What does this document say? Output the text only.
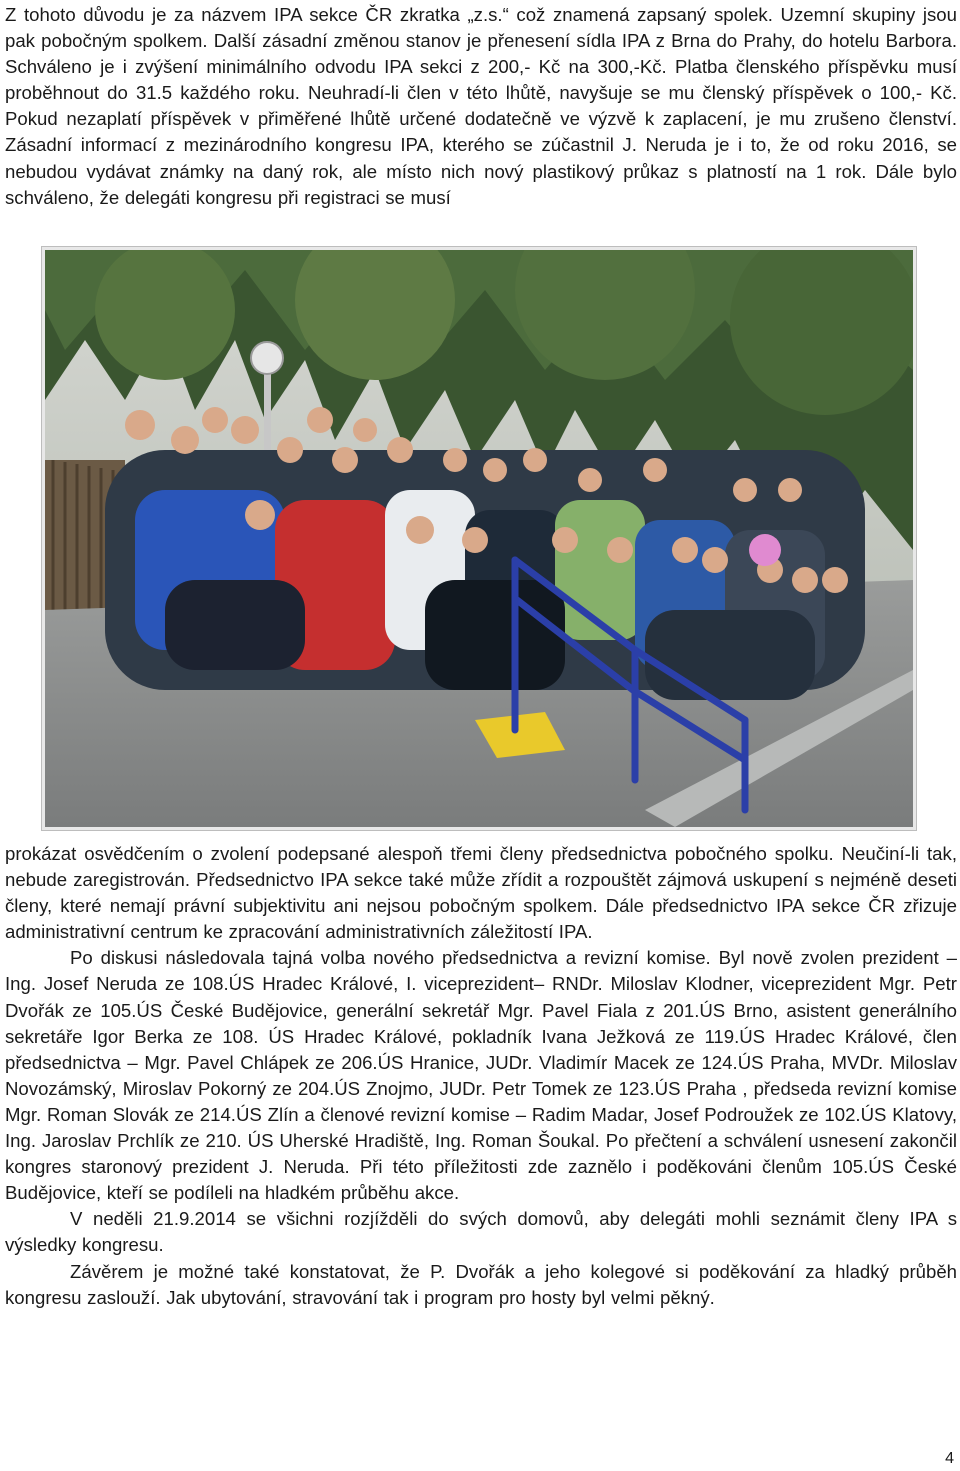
Z tohoto důvodu je za názvem IPA sekce ČR zkratka „z.s.“ což znamená zapsaný spolek. Uzemní skupiny jsou pak pobočným spolkem. Další zásadní změnou stanov je přenesení sídla IPA z Brna do Prahy, do hotelu Barbora. Schváleno je i zvýšení minimálního odvodu IPA sekci z 200,- Kč na 300,-Kč. Platba členského příspěvku musí proběhnout do 31.5 každého roku. Neuhradí-li člen v této lhůtě, navyšuje se mu členský příspěvek o 100,- Kč. Pokud nezaplatí příspěvek v přiměřené lhůtě určené dodatečně ve výzvě k zaplacení, je mu zrušeno členství. Zásadní informací z mezinárodního kongresu IPA, kterého se zúčastnil J. Neruda je i to, že od roku 2016, se nebudou vydávat známky na daný rok, ale místo nich nový plastikový průkaz s platností na 1 rok. Dále bylo schváleno, že delegáti kongresu při registraci se musí

prokázat osvědčením o zvolení podepsané alespoň třemi členy předsednictva pobočného spolku. Neučiní-li tak, nebude zaregistrován. Předsednictvo IPA sekce také může zřídit a rozpouštět zájmová uskupení s nejméně deseti členy, které nemají právní subjektivitu ani nejsou pobočným spolkem. Dále předsednictvo IPA sekce ČR zřizuje administrativní centrum ke zpracování administrativních záležitostí IPA.

Po diskusi následovala tajná volba nového předsednictva a revizní komise. Byl nově zvolen prezident – Ing. Josef Neruda ze 108.ÚS Hradec Králové, I. viceprezident– RNDr. Miloslav Klodner, viceprezident Mgr. Petr Dvořák ze 105.ÚS České Budějovice, generální sekretář Mgr. Pavel Fiala z 201.ÚS Brno, asistent generálního sekretáře Igor Berka ze 108. ÚS Hradec Králové, pokladník Ivana Ježková ze 119.ÚS Hradec Králové, člen předsednictva – Mgr. Pavel Chlápek ze 206.ÚS Hranice, JUDr. Vladimír Macek ze 124.ÚS Praha, MVDr. Miloslav Novozámský, Miroslav Pokorný ze 204.ÚS Znojmo, JUDr. Petr Tomek ze 123.ÚS Praha , předseda revizní komise Mgr. Roman Slovák ze 214.ÚS Zlín a členové revizní komise – Radim Madar, Josef Podroužek ze 102.ÚS Klatovy, Ing. Jaroslav Prchlík ze 210. ÚS Uherské Hradiště, Ing. Roman Šoukal. Po přečtení a schválení usnesení zakončil kongres staronový prezident J. Neruda. Při této příležitosti zde zaznělo i poděkováni členům 105.ÚS České Budějovice, kteří se podíleli na hladkém průběhu akce.

V neděli 21.9.2014 se všichni rozjížděli do svých domovů, aby delegáti mohli seznámit členy IPA s výsledky kongresu.

Závěrem je možné také konstatovat, že P. Dvořák a jeho kolegové si poděkování za hladký průběh kongresu zaslouží. Jak ubytování, stravování tak i program pro hosty byl velmi pěkný.

4
